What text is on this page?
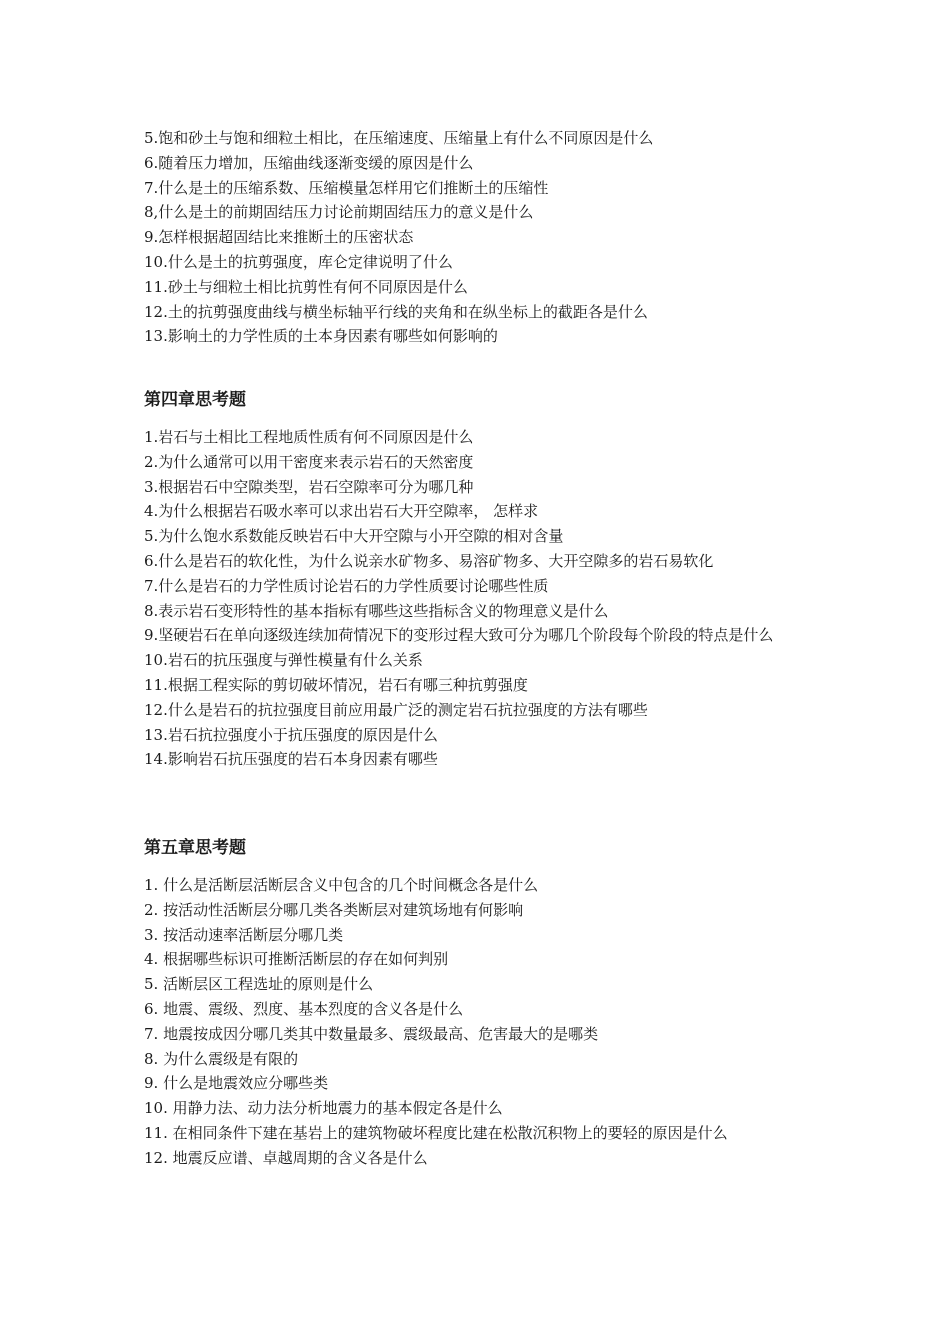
5.饱和砂土与饱和细粒土相比，在压缩速度、压缩量上有什么不同原因是什么

6.随着压力增加，压缩曲线逐渐变缓的原因是什么

7.什么是土的压缩系数、压缩模量怎样用它们推断土的压缩性

8,什么是土的前期固结压力讨论前期固结压力的意义是什么

9.怎样根据超固结比来推断土的压密状态

10.什么是土的抗剪强度，库仑定律说明了什么

11.砂土与细粒土相比抗剪性有何不同原因是什么

12.土的抗剪强度曲线与横坐标轴平行线的夹角和在纵坐标上的截距各是什么

13.影响土的力学性质的土本身因素有哪些如何影响的

第四章思考题

1.岩石与土相比工程地质性质有何不同原因是什么

2.为什么通常可以用干密度来表示岩石的天然密度

3.根据岩石中空隙类型，岩石空隙率可分为哪几种

4.为什么根据岩石吸水率可以求出岩石大开空隙率， 怎样求

5.为什么饱水系数能反映岩石中大开空隙与小开空隙的相对含量

6.什么是岩石的软化性，为什么说亲水矿物多、易溶矿物多、大开空隙多的岩石易软化

7.什么是岩石的力学性质讨论岩石的力学性质要讨论哪些性质

8.表示岩石变形特性的基本指标有哪些这些指标含义的物理意义是什么

9.坚硬岩石在单向逐级连续加荷情况下的变形过程大致可分为哪几个阶段每个阶段的特点是什么

10.岩石的抗压强度与弹性模量有什么关系

11.根据工程实际的剪切破坏情况，岩石有哪三种抗剪强度

12.什么是岩石的抗拉强度目前应用最广泛的测定岩石抗拉强度的方法有哪些

13.岩石抗拉强度小于抗压强度的原因是什么

14.影响岩石抗压强度的岩石本身因素有哪些

第五章思考题

1. 什么是活断层活断层含义中包含的几个时间概念各是什么

2. 按活动性活断层分哪几类各类断层对建筑场地有何影响

3. 按活动速率活断层分哪几类

4. 根据哪些标识可推断活断层的存在如何判别

5. 活断层区工程选址的原则是什么

6. 地震、震级、烈度、基本烈度的含义各是什么

7. 地震按成因分哪几类其中数量最多、震级最高、危害最大的是哪类

8. 为什么震级是有限的

9. 什么是地震效应分哪些类

10. 用静力法、动力法分析地震力的基本假定各是什么

11. 在相同条件下建在基岩上的建筑物破坏程度比建在松散沉积物上的要轻的原因是什么

12. 地震反应谱、卓越周期的含义各是什么
